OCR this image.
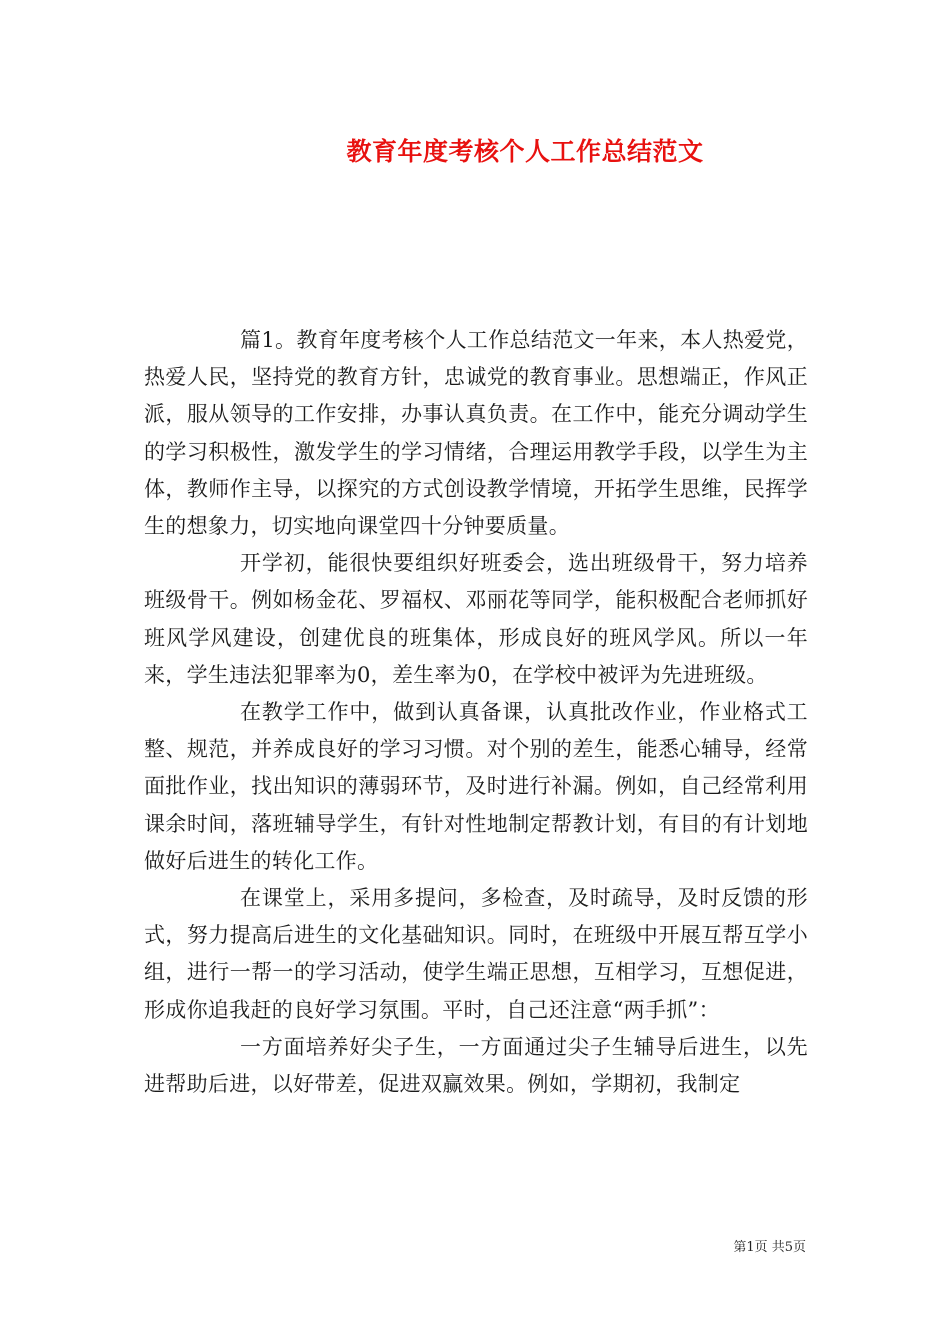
教育年度考核个人工作总结范文

篇1。教育年度考核个人工作总结范文一年来，本人热爱党，热爱人民，坚持党的教育方针，忠诚党的教育事业。思想端正，作风正派，服从领导的工作安排，办事认真负责。在工作中，能充分调动学生的学习积极性，激发学生的学习情绪，合理运用教学手段，以学生为主体，教师作主导，以探究的方式创设教学情境，开拓学生思维，民挥学生的想象力，切实地向课堂四十分钟要质量。

开学初，能很快要组织好班委会，选出班级骨干，努力培养班级骨干。例如杨金花、罗福权、邓丽花等同学，能积极配合老师抓好班风学风建设，创建优良的班集体，形成良好的班风学风。所以一年来，学生违法犯罪率为0，差生率为0，在学校中被评为先进班级。

在教学工作中，做到认真备课，认真批改作业，作业格式工整、规范，并养成良好的学习习惯。对个别的差生，能悉心辅导，经常面批作业，找出知识的薄弱环节，及时进行补漏。例如，自己经常利用课余时间，落班辅导学生，有针对性地制定帮教计划，有目的有计划地做好后进生的转化工作。

在课堂上，采用多提问，多检查，及时疏导，及时反馈的形式，努力提高后进生的文化基础知识。同时，在班级中开展互帮互学小组，进行一帮一的学习活动，使学生端正思想，互相学习，互想促进，形成你追我赶的良好学习氛围。平时，自己还注意“两手抓”：

一方面培养好尖子生，一方面通过尖子生辅导后进生，以先进帮助后进，以好带差，促进双赢效果。例如，学期初，我制定

第1页 共5页
